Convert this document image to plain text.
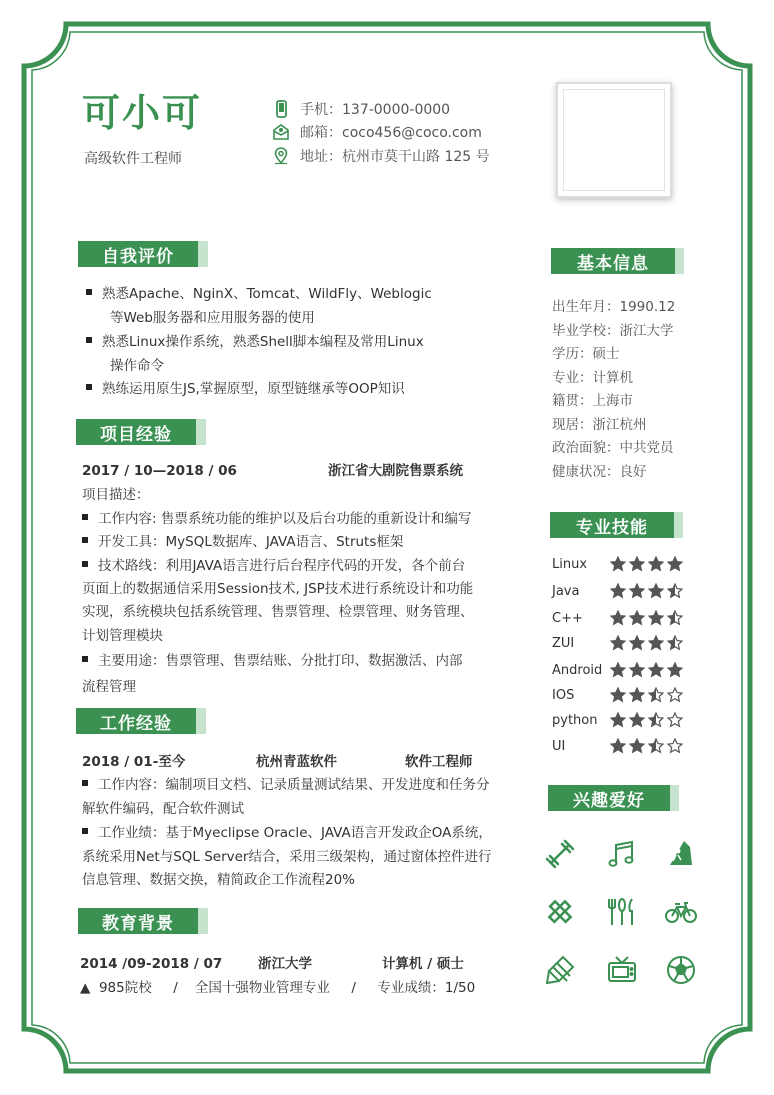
可小可
高级软件工程师
手机：137-0000-0000
邮箱：coco456@coco.com
地址：杭州市莫干山路 125 号
自我评价
熟悉Apache、NginX、Tomcat、WildFly、Weblogic
等Web服务器和应用服务器的使用
熟悉Linux操作系统，熟悉Shell脚本编程及常用Linux
操作命令
熟练运用原生JS,掌握原型，原型链继承等OOP知识
项目经验
2017 / 10—2018 / 06	浙江省大剧院售票系统
项目描述：
工作内容: 售票系统功能的维护以及后台功能的重新设计和编写
开发工具：MySQL数据库、JAVA语言、Struts框架
技术路线：利用JAVA语言进行后台程序代码的开发，各个前台
页面上的数据通信采用Session技术, JSP技术进行系统设计和功能
实现，系统模块包括系统管理、售票管理、检票管理、财务管理、
计划管理模块
主要用途：售票管理、售票结账、分批打印、数据激活、内部
流程管理
工作经验
2018 / 01-至今	杭州青蓝软件	软件工程师
工作内容：编制项目文档、记录质量测试结果、开发进度和任务分
解软件编码，配合软件测试
工作业绩：基于Myeclipse Oracle、JAVA语言开发政企OA系统，
系统采用Net与SQL Server结合，采用三级架构，通过窗体控件进行
信息管理、数据交换，精简政企工作流程20%
教育背景
2014 /09-2018 / 07	浙江大学	计算机 / 硕士
▲  985院校     /    全国十强物业管理专业     /     专业成绩：1/50
基本信息
出生年月：1990.12
毕业学校：浙江大学
学历：硕士
专业：计算机
籍贯：上海市
现居：浙江杭州
政治面貌：中共党员
健康状况：良好
专业技能
Linux
Java
C++
ZUI
Android
IOS
python
UI
兴趣爱好
